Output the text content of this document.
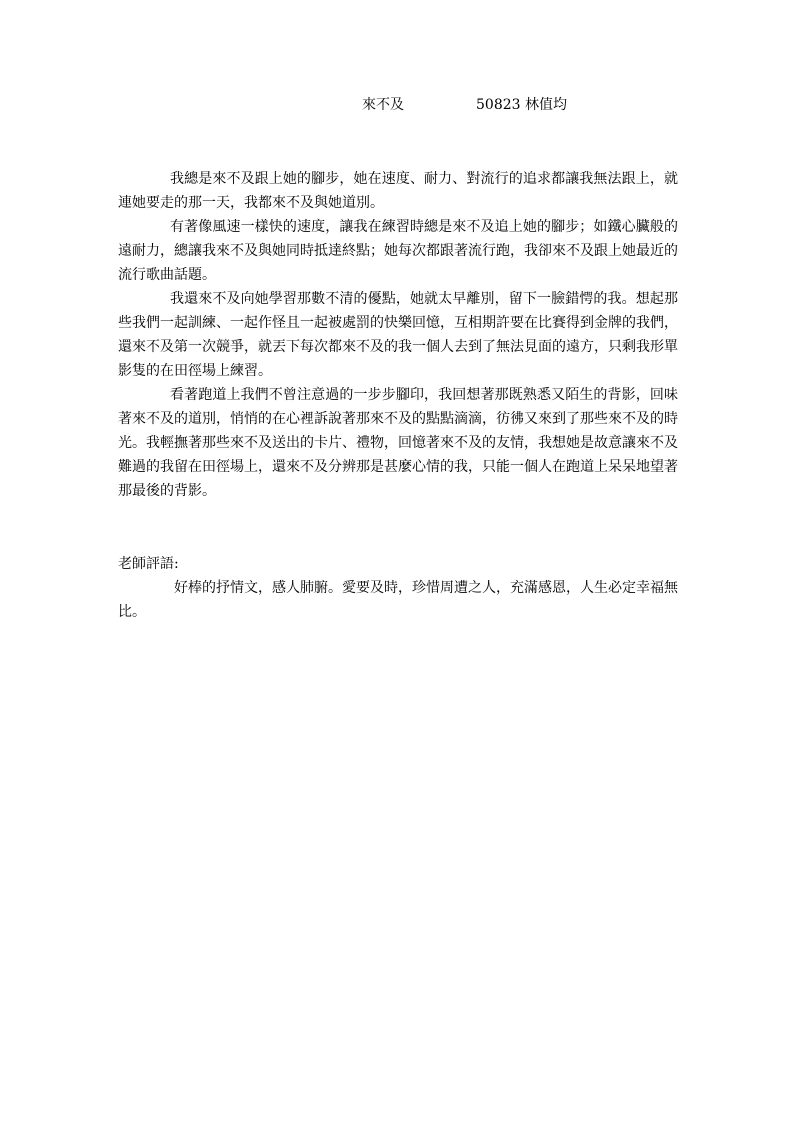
來不及	50823 林值均

我總是來不及跟上她的腳步，她在速度、耐力、對流行的追求都讓我無法跟上，就連她要走的那一天，我都來不及與她道別。

有著像風速一樣快的速度，讓我在練習時總是來不及追上她的腳步；如鐵心臟般的遠耐力，總讓我來不及與她同時抵達終點；她每次都跟著流行跑，我卻來不及跟上她最近的流行歌曲話題。

我還來不及向她學習那數不清的優點，她就太早離別，留下一臉錯愕的我。想起那些我們一起訓練、一起作怪且一起被處罰的快樂回憶，互相期許要在比賽得到金牌的我們，還來不及第一次競爭，就丟下每次都來不及的我一個人去到了無法見面的遠方，只剩我形單影隻的在田徑場上練習。

看著跑道上我們不曾注意過的一步步腳印，我回想著那既熟悉又陌生的背影，回味著來不及的道別，悄悄的在心裡訴說著那來不及的點點滴滴，彷彿又來到了那些來不及的時光。我輕撫著那些來不及送出的卡片、禮物，回憶著來不及的友情，我想她是故意讓來不及難過的我留在田徑場上，還來不及分辨那是甚麼心情的我，只能一個人在跑道上呆呆地望著那最後的背影。

老師評語:
好棒的抒情文，感人肺腑。愛要及時，珍惜周遭之人，充滿感恩，人生必定幸福無比。
